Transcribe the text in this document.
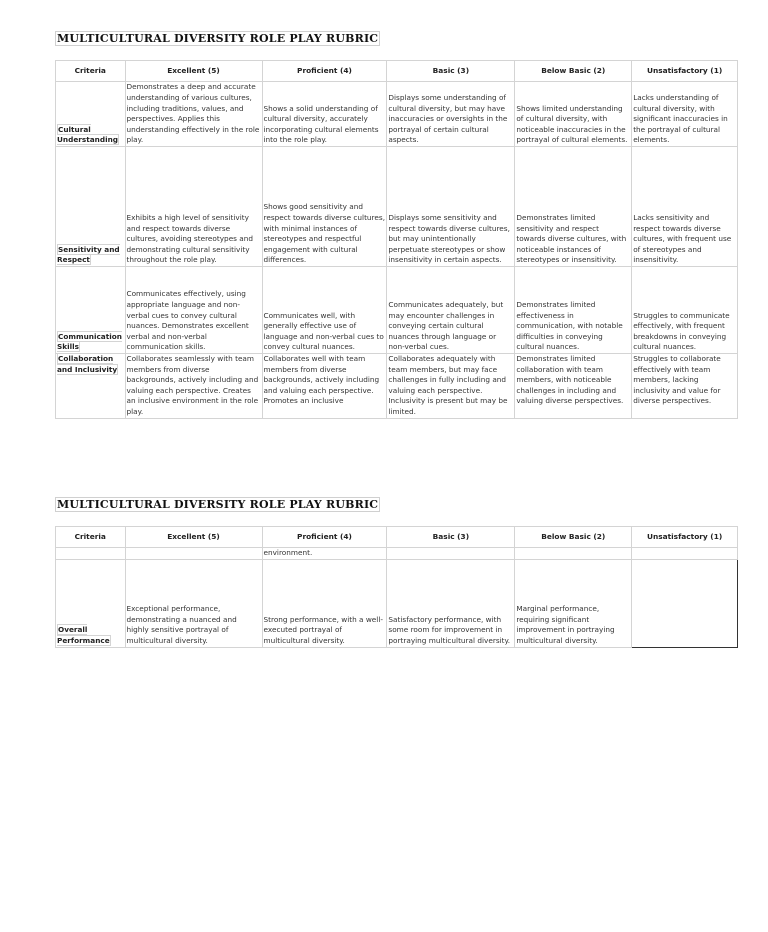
MULTICULTURAL DIVERSITY ROLE PLAY RUBRIC
Criteria	Excellent (5)	Proficient (4)	Basic (3)	Below Basic (2)	Unsatisfactory (1)
Cultural Understanding	Demonstrates a deep and accurate understanding of various cultures, including traditions, values, and perspectives. Applies this understanding effectively in the role play.	Shows a solid understanding of cultural diversity, accurately incorporating cultural elements into the role play.	Displays some understanding of cultural diversity, but may have inaccuracies or oversights in the portrayal of certain cultural aspects.	Shows limited understanding of cultural diversity, with noticeable inaccuracies in the portrayal of cultural elements.	Lacks understanding of cultural diversity, with significant inaccuracies in the portrayal of cultural elements.
Sensitivity and Respect	Exhibits a high level of sensitivity and respect towards diverse cultures, avoiding stereotypes and demonstrating cultural sensitivity throughout the role play.	Shows good sensitivity and respect towards diverse cultures, with minimal instances of stereotypes and respectful engagement with cultural differences.	Displays some sensitivity and respect towards diverse cultures, but may unintentionally perpetuate stereotypes or show insensitivity in certain aspects.	Demonstrates limited sensitivity and respect towards diverse cultures, with noticeable instances of stereotypes or insensitivity.	Lacks sensitivity and respect towards diverse cultures, with frequent use of stereotypes and insensitivity.
Communication Skills	Communicates effectively, using appropriate language and non-verbal cues to convey cultural nuances. Demonstrates excellent verbal and non-verbal communication skills.	Communicates well, with generally effective use of language and non-verbal cues to convey cultural nuances.	Communicates adequately, but may encounter challenges in conveying certain cultural nuances through language or non-verbal cues.	Demonstrates limited effectiveness in communication, with notable difficulties in conveying cultural nuances.	Struggles to communicate effectively, with frequent breakdowns in conveying cultural nuances.
Collaboration and Inclusivity	Collaborates seamlessly with team members from diverse backgrounds, actively including and valuing each perspective. Creates an inclusive environment in the role play.	Collaborates well with team members from diverse backgrounds, actively including and valuing each perspective. Promotes an inclusive	Collaborates adequately with team members, but may face challenges in fully including and valuing each perspective. Inclusivity is present but may be limited.	Demonstrates limited collaboration with team members, with noticeable challenges in including and valuing diverse perspectives.	Struggles to collaborate effectively with team members, lacking inclusivity and value for diverse perspectives.
MULTICULTURAL DIVERSITY ROLE PLAY RUBRIC
Criteria	Excellent (5)	Proficient (4)	Basic (3)	Below Basic (2)	Unsatisfactory (1)
		environment.			
Overall Performance	Exceptional performance, demonstrating a nuanced and highly sensitive portrayal of multicultural diversity.	Strong performance, with a well-executed portrayal of multicultural diversity.	Satisfactory performance, with some room for improvement in portraying multicultural diversity.	Marginal performance, requiring significant improvement in portraying multicultural diversity.	
